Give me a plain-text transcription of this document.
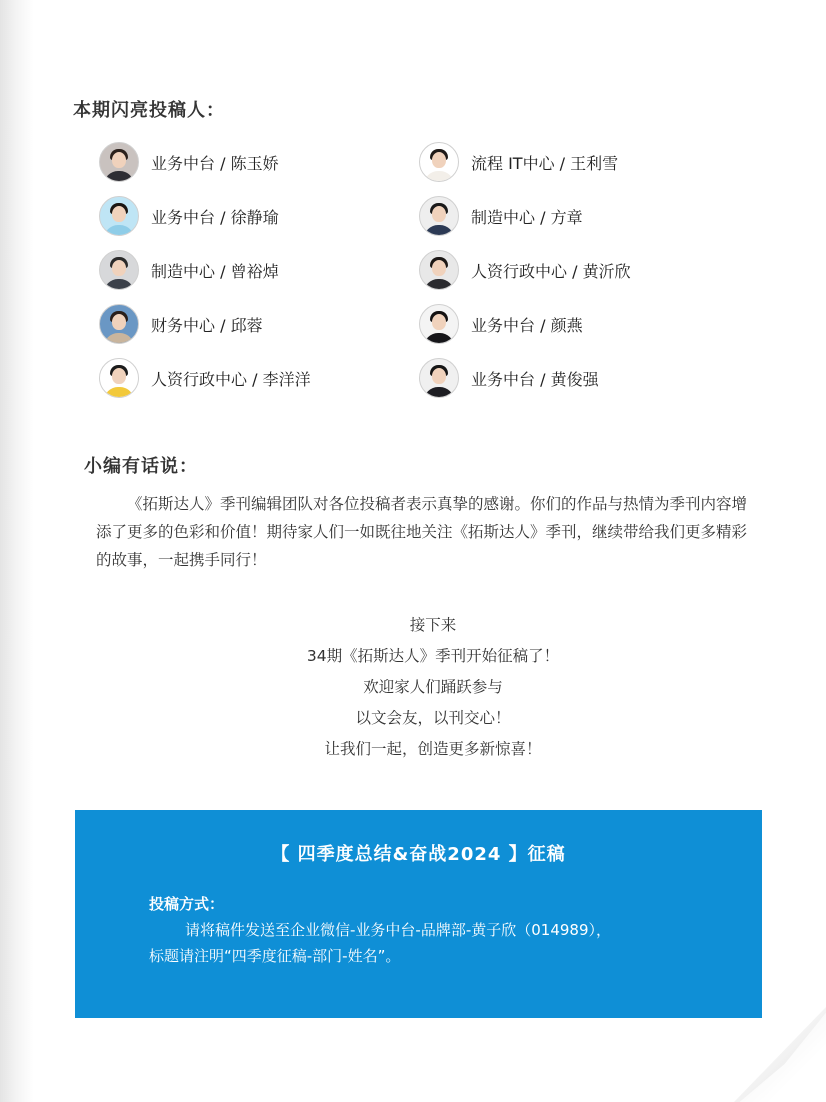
本期闪亮投稿人：
业务中台 / 陈玉娇	流程 IT中心 / 王利雪
业务中台 / 徐静瑜	制造中心 / 方章
制造中心 / 曾裕焯	人资行政中心 / 黄沂欣
财务中心 / 邱蓉	业务中台 / 颜燕
人资行政中心 / 李洋洋	业务中台 / 黄俊强
小编有话说：

《拓斯达人》季刊编辑团队对各位投稿者表示真挚的感谢。你们的作品与热情为季刊内容增添了更多的色彩和价值！期待家人们一如既往地关注《拓斯达人》季刊，继续带给我们更多精彩的故事，一起携手同行！

接下来
34期《拓斯达人》季刊开始征稿了！
欢迎家人们踊跃参与
以文会友，以刊交心！
让我们一起，创造更多新惊喜！
【 四季度总结&奋战2024 】征稿
投稿方式：
请将稿件发送至企业微信-业务中台-品牌部-黄子欣（014989），
标题请注明“四季度征稿-部门-姓名”。
